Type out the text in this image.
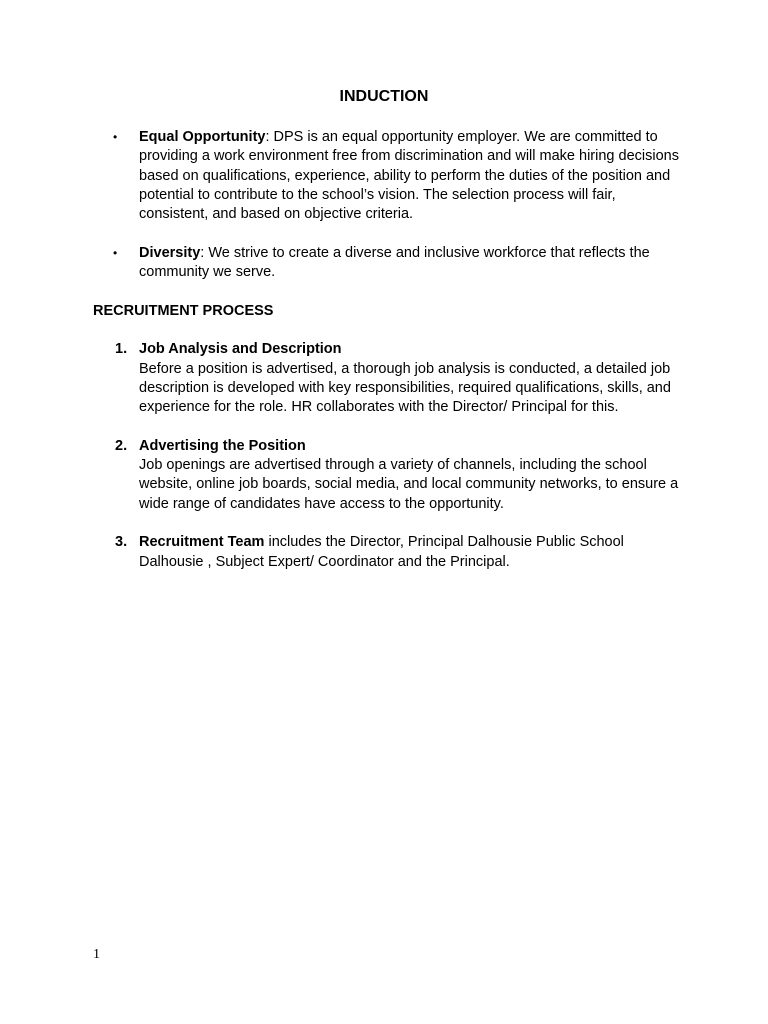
INDUCTION
• Equal Opportunity: DPS is an equal opportunity employer. We are committed to providing a work environment free from discrimination and will make hiring decisions based on qualifications, experience, ability to perform the duties of the position and potential to contribute to the school’s vision. The selection process will fair, consistent, and based on objective criteria.
• Diversity: We strive to create a diverse and inclusive workforce that reflects the community we serve.
RECRUITMENT PROCESS
1. Job Analysis and Description
Before a position is advertised, a thorough job analysis is conducted, a detailed job description is developed with key responsibilities, required qualifications, skills, and experience for the role. HR collaborates with the Director/ Principal for this.
2. Advertising the Position
Job openings are advertised through a variety of channels, including the school website, online job boards, social media, and local community networks, to ensure a wide range of candidates have access to the opportunity.
3. Recruitment Team includes the Director, Principal Dalhousie Public School Dalhousie , Subject Expert/ Coordinator and the Principal.
1
